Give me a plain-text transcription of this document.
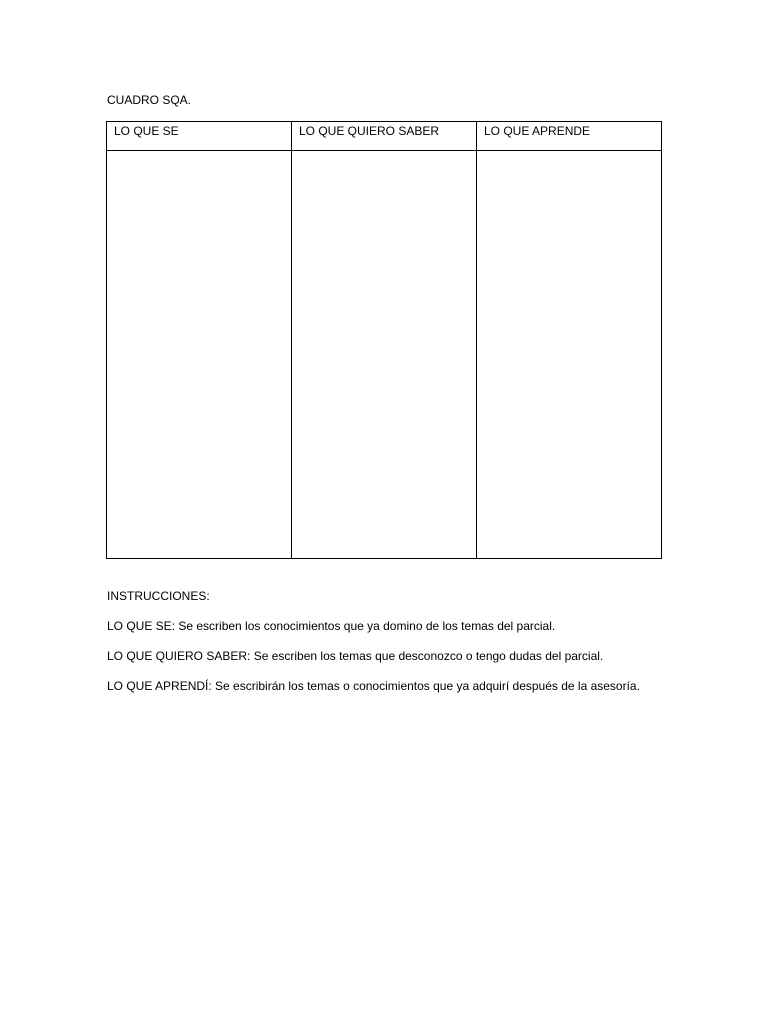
CUADRO SQA.
LO QUE SE	LO QUE QUIERO SABER	LO QUE APRENDE

INSTRUCCIONES:

LO QUE SE: Se escriben los conocimientos que ya domino de los temas del parcial.

LO QUE QUIERO SABER: Se escriben los temas que desconozco o tengo dudas del parcial.

LO QUE APRENDÍ: Se escribirán los temas o conocimientos que ya adquirí después de la asesoría.
